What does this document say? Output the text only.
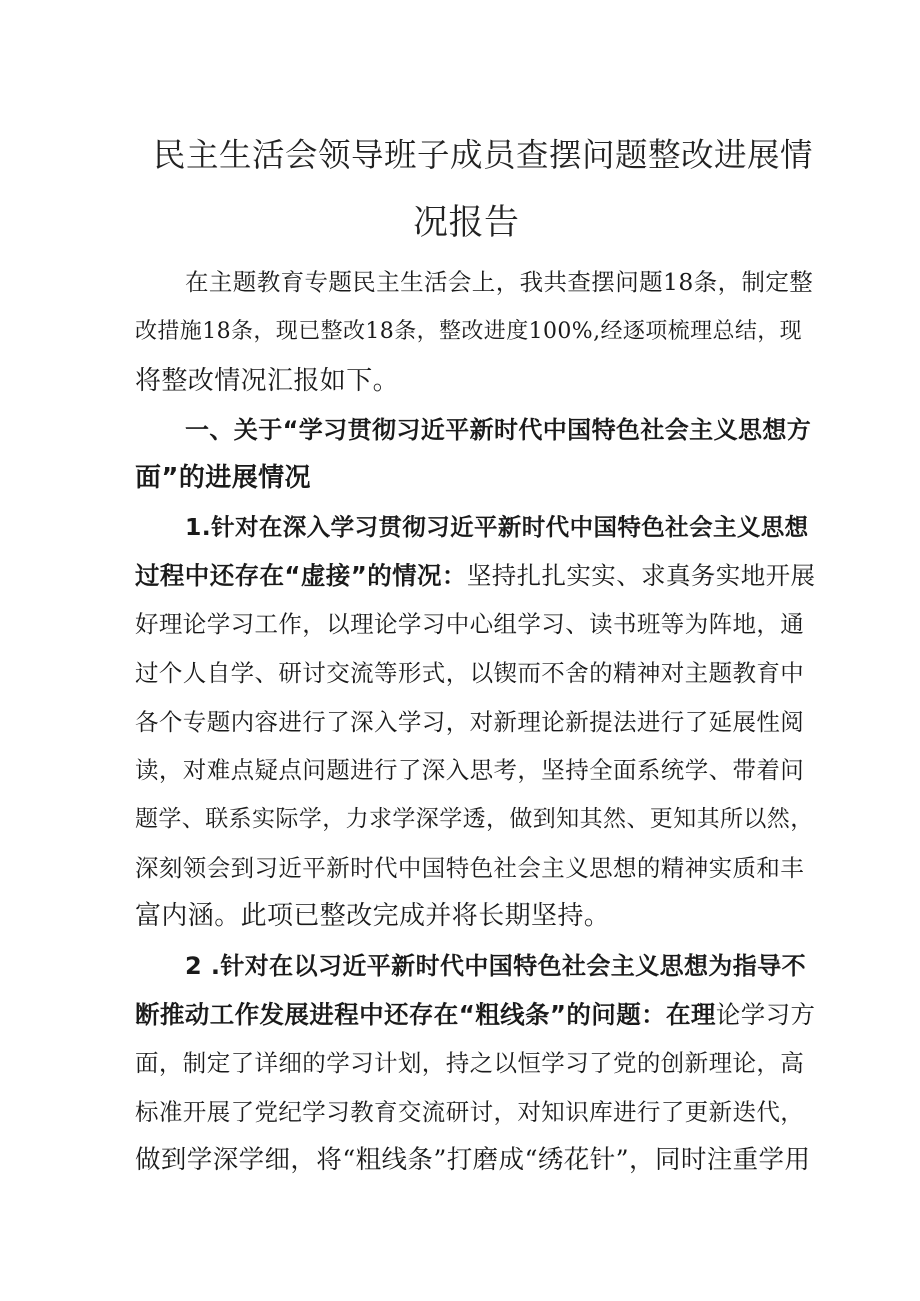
民主生活会领导班子成员查摆问题整改进展情
况报告
在主题教育专题民主生活会上，我共查摆问题18条，制定整
改措施18条，现已整改18条，整改进度100%,经逐项梳理总结，现
将整改情况汇报如下。
一、关于“学习贯彻习近平新时代中国特色社会主义思想方
面”的进展情况
1.针对在深入学习贯彻习近平新时代中国特色社会主义思想
过程中还存在“虚接”的情况：坚持扎扎实实、求真务实地开展
好理论学习工作，以理论学习中心组学习、读书班等为阵地，通
过个人自学、研讨交流等形式，以锲而不舍的精神对主题教育中
各个专题内容进行了深入学习，对新理论新提法进行了延展性阅
读，对难点疑点问题进行了深入思考，坚持全面系统学、带着问
题学、联系实际学，力求学深学透，做到知其然、更知其所以然，
深刻领会到习近平新时代中国特色社会主义思想的精神实质和丰
富内涵。此项已整改完成并将长期坚持。
2 .针对在以习近平新时代中国特色社会主义思想为指导不
断推动工作发展进程中还存在“粗线条”的问题：在理论学习方
面，制定了详细的学习计划，持之以恒学习了党的创新理论，高
标准开展了党纪学习教育交流研讨，对知识库进行了更新迭代，
做到学深学细，将“粗线条”打磨成“绣花针”，同时注重学用
